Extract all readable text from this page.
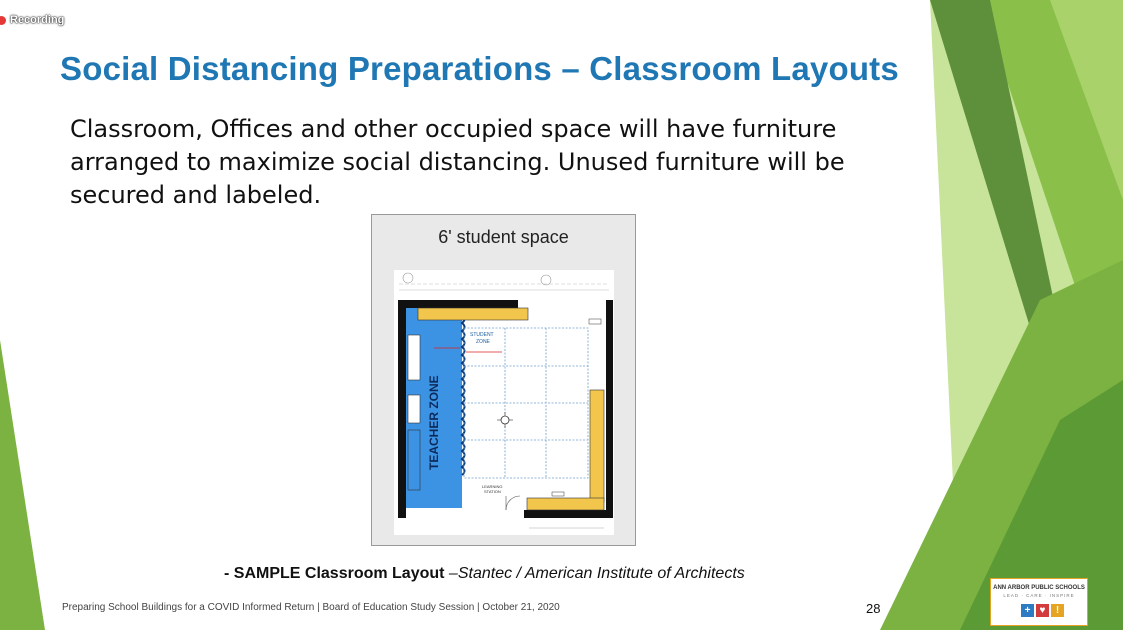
Recording
Social Distancing Preparations – Classroom Layouts

Classroom, Offices and other occupied space will have furniture arranged to maximize social distancing. Unused furniture will be secured and labeled.

6' student space
TEACHER ZONE
STUDENT
ZONE
LEARNING
STATION
- SAMPLE Classroom Layout –Stantec / American Institute of Architects
Preparing School Buildings for a COVID Informed Return | Board of Education Study Session | October 21, 2020	28
ANN ARBOR PUBLIC SCHOOLS
LEAD · CARE · INSPIRE
+ ♥	!
